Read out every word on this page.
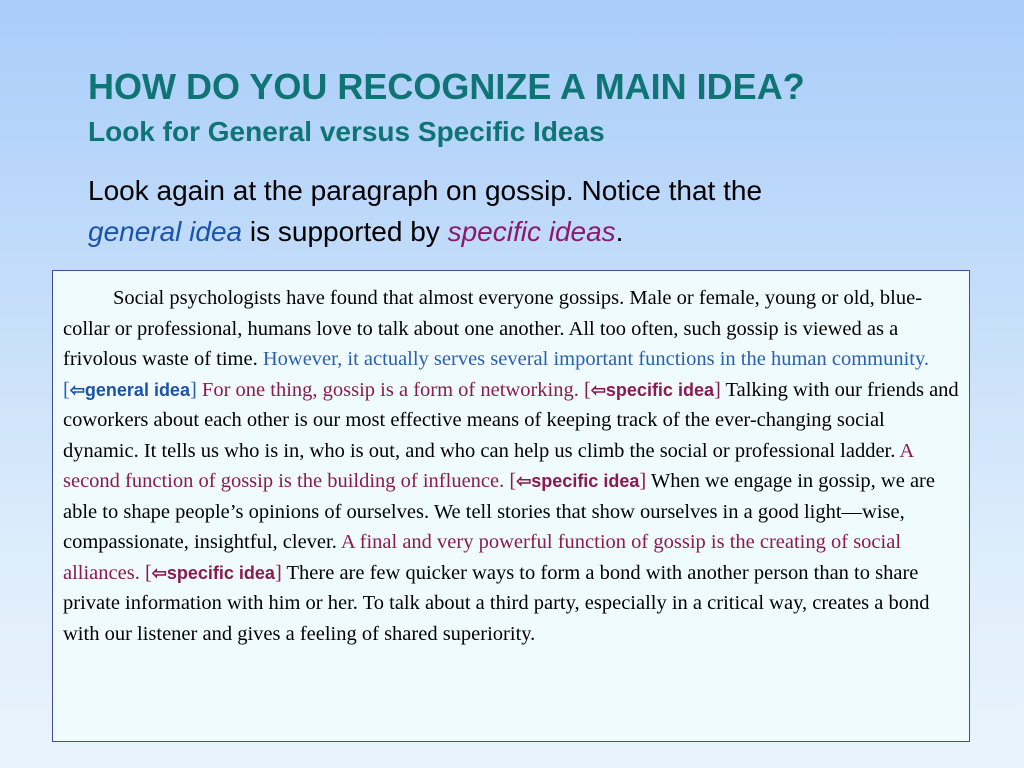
HOW DO YOU RECOGNIZE A MAIN IDEA?
Look for General versus Specific Ideas

Look again at the paragraph on gossip. Notice that the
general idea is supported by specific ideas.

Social psychologists have found that almost everyone gossips. Male or female, young or old, blue-collar or professional, humans love to talk about one another. All too often, such gossip is viewed as a frivolous waste of time. However, it actually serves several important functions in the human community. [⇦general idea] For one thing, gossip is a form of networking. [⇦specific idea] Talking with our friends and coworkers about each other is our most effective means of keeping track of the ever-changing social dynamic. It tells us who is in, who is out, and who can help us climb the social or professional ladder. A second function of gossip is the building of influence. [⇦specific idea] When we engage in gossip, we are able to shape people’s opinions of ourselves. We tell stories that show ourselves in a good light—wise, compassionate, insightful, clever. A final and very powerful function of gossip is the creating of social alliances. [⇦specific idea] There are few quicker ways to form a bond with another person than to share private information with him or her. To talk about a third party, especially in a critical way, creates a bond with our listener and gives a feeling of shared superiority.
